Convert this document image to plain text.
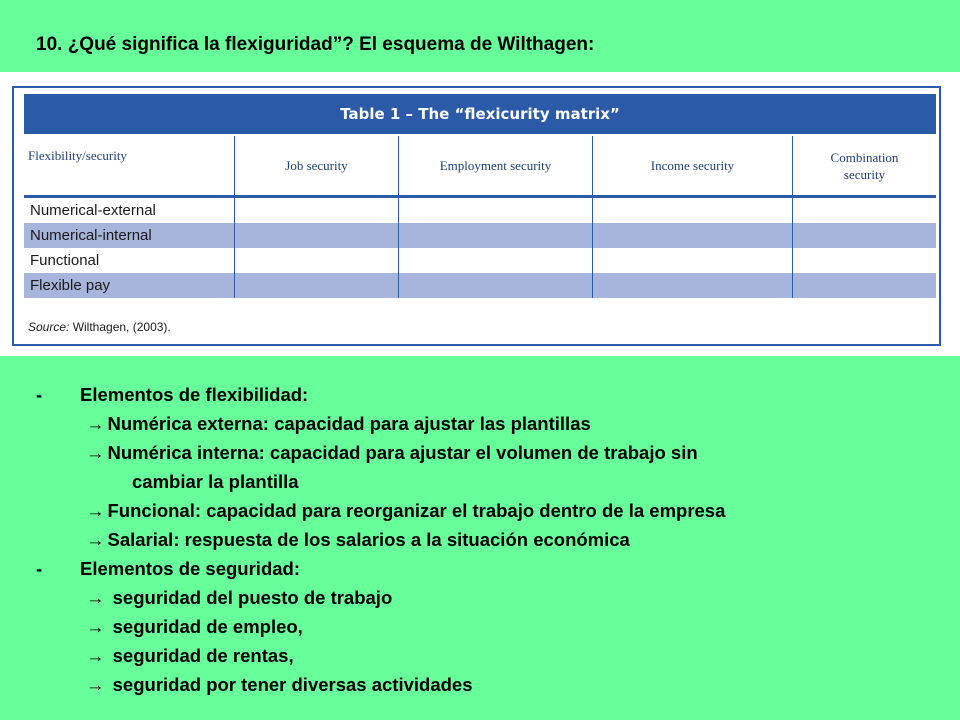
10. ¿Qué significa la flexiguridad”? El esquema de Wilthagen:
Table 1 – The “flexicurity matrix”
Flexibility/security
Job security	Employment security	Income security
Combination security
Numerical-external
Numerical-internal
Functional
Flexible pay
Source: Wilthagen, (2003).
- Elementos de flexibilidad:
→ Numérica externa: capacidad para ajustar las plantillas
→ Numérica interna: capacidad para ajustar el volumen de trabajo sin
cambiar la plantilla
→ Funcional: capacidad para reorganizar el trabajo dentro de la empresa
→ Salarial: respuesta de los salarios a la situación económica
- Elementos de seguridad:
→ seguridad del puesto de trabajo
→ seguridad de empleo,
→ seguridad de rentas,
→ seguridad por tener diversas actividades
